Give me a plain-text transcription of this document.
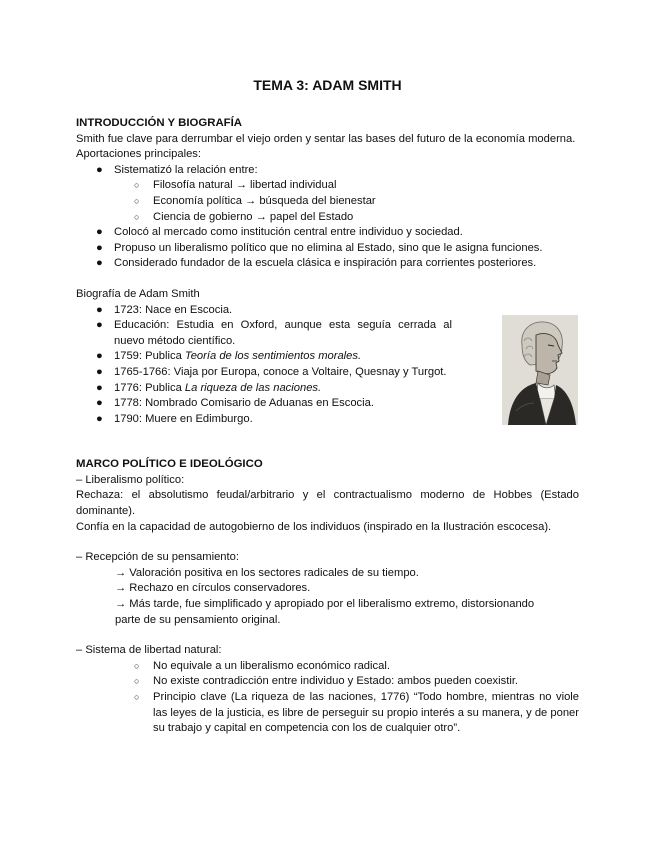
TEMA 3: ADAM SMITH
INTRODUCCIÓN Y BIOGRAFÍA

Smith fue clave para derrumbar el viejo orden y sentar las bases del futuro de la economía moderna.

Aportaciones principales:

● Sistematizó la relación entre:
○ Filosofía natural → libertad individual
○ Economía política → búsqueda del bienestar
○ Ciencia de gobierno → papel del Estado
● Colocó al mercado como institución central entre individuo y sociedad.
● Propuso un liberalismo político que no elimina al Estado, sino que le asigna funciones.
● Considerado fundador de la escuela clásica e inspiración para corrientes posteriores.

Biografía de Adam Smith

● 1723: Nace en Escocia.
● Educación: Estudia en Oxford, aunque esta seguía cerrada al nuevo método científico.
● 1759: Publica Teoría de los sentimientos morales.
● 1765-1766: Viaja por Europa, conoce a Voltaire, Quesnay y Turgot.
● 1776: Publica La riqueza de las naciones.
● 1778: Nombrado Comisario de Aduanas en Escocia.
● 1790: Muere en Edimburgo.
MARCO POLÍTICO E IDEOLÓGICO

– Liberalismo político:

Rechaza: el absolutismo feudal/arbitrario y el contractualismo moderno de Hobbes (Estado dominante).

Confía en la capacidad de autogobierno de los individuos (inspirado en la Ilustración escocesa).

– Recepción de su pensamiento:

→ Valoración positiva en los sectores radicales de su tiempo.

→ Rechazo en círculos conservadores.

→ Más tarde, fue simplificado y apropiado por el liberalismo extremo, distorsionando parte de su pensamiento original.

– Sistema de libertad natural:

○ No equivale a un liberalismo económico radical.
○ No existe contradicción entre individuo y Estado: ambos pueden coexistir.
○ Principio clave (La riqueza de las naciones, 1776) “Todo hombre, mientras no viole las leyes de la justicia, es libre de perseguir su propio interés a su manera, y de poner su trabajo y capital en competencia con los de cualquier otro”.
